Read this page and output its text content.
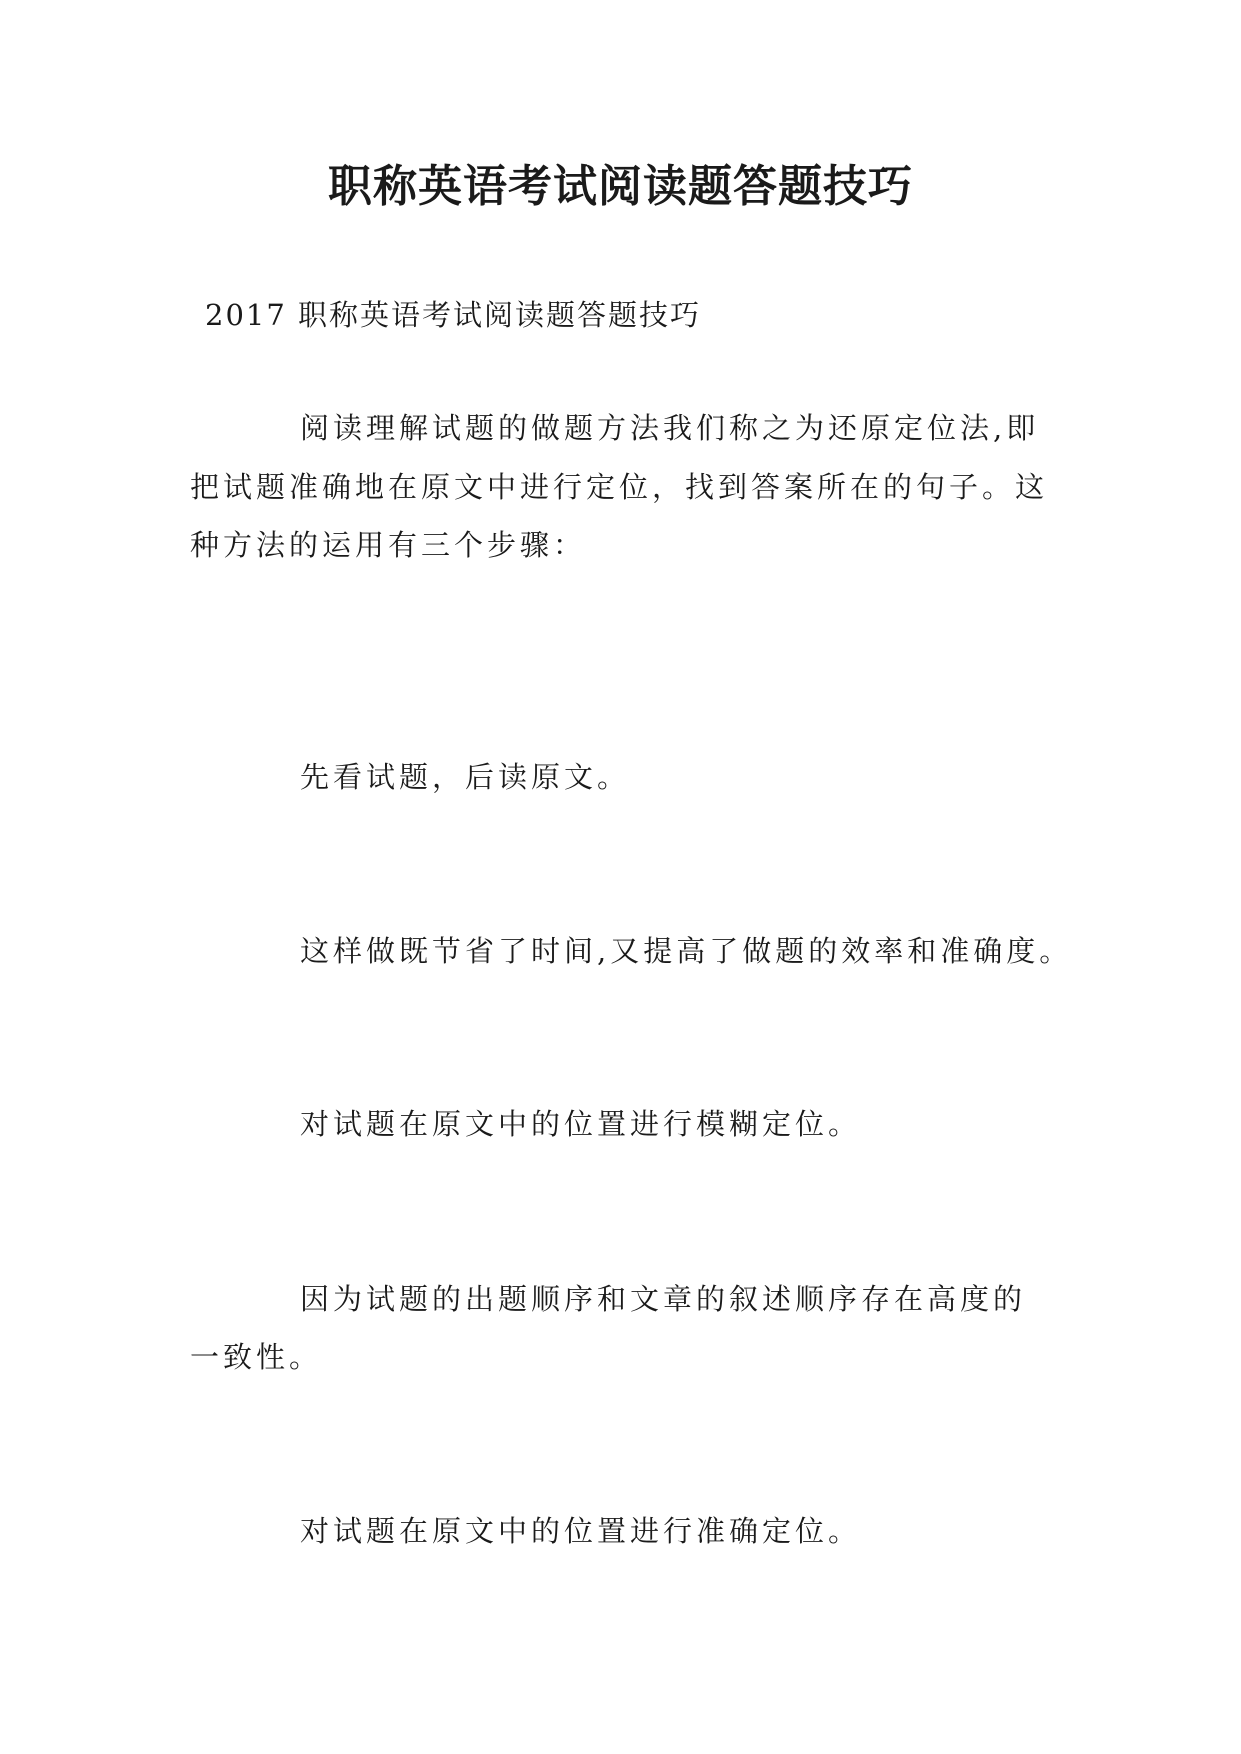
职称英语考试阅读题答题技巧
2017 职称英语考试阅读题答题技巧
阅读理解试题的做题方法我们称之为还原定位法,即
把试题准确地在原文中进行定位，找到答案所在的句子。这
种方法的运用有三个步骤：
先看试题，后读原文。
这样做既节省了时间,又提高了做题的效率和准确度。
对试题在原文中的位置进行模糊定位。
因为试题的出题顺序和文章的叙述顺序存在高度的
一致性。
对试题在原文中的位置进行准确定位。
